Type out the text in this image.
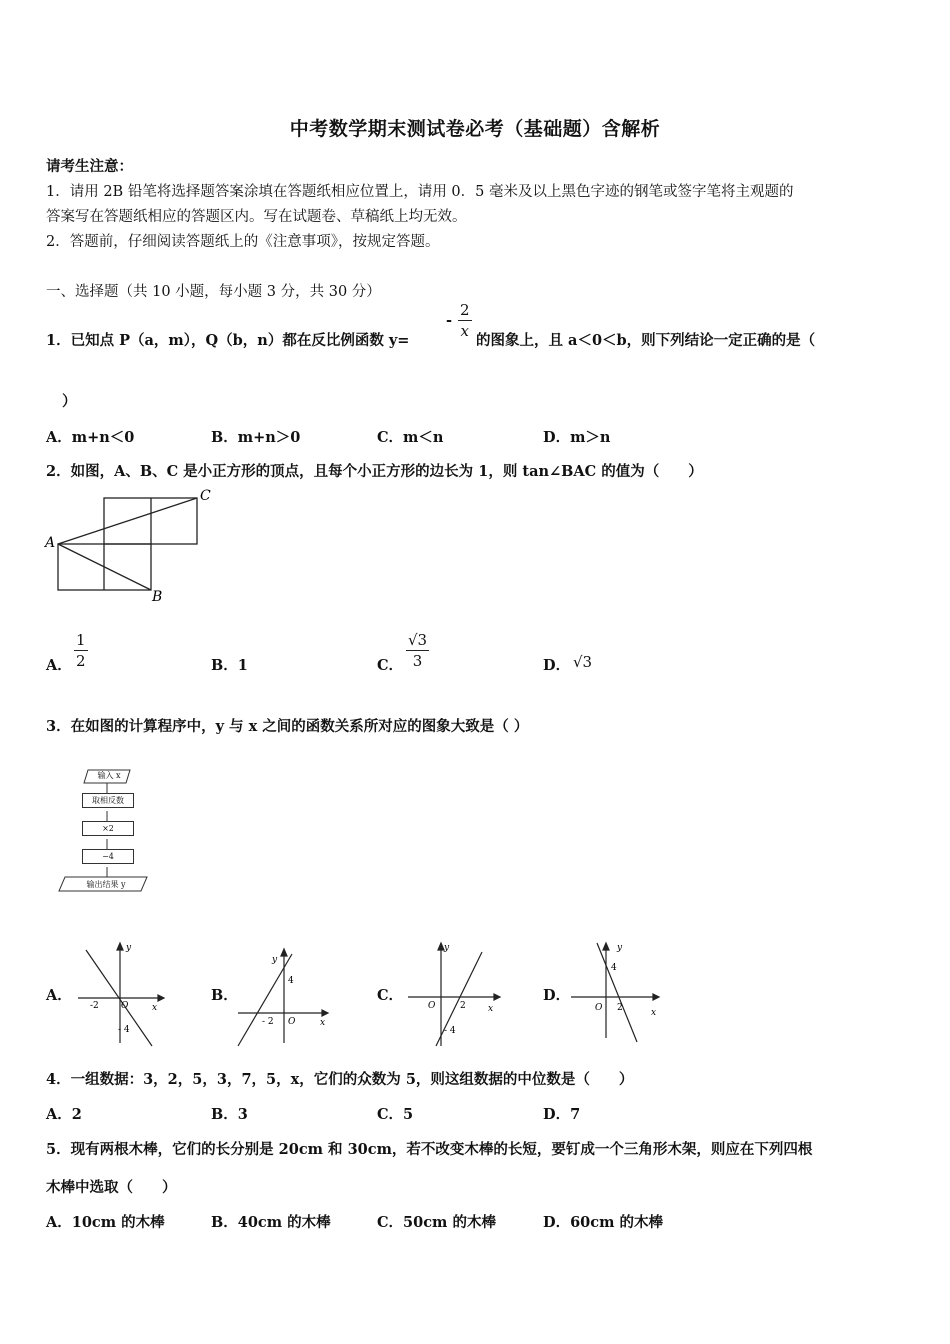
中考数学期末测试卷必考（基础题）含解析
请考生注意：
1．请用 2B 铅笔将选择题答案涂填在答题纸相应位置上，请用 0．5 毫米及以上黑色字迹的钢笔或签字笔将主观题的
答案写在答题纸相应的答题区内。写在试题卷、草稿纸上均无效。
2．答题前，仔细阅读答题纸上的《注意事项》，按规定答题。
一、选择题（共 10 小题，每小题 3 分，共 30 分）
1．已知点 P（a，m），Q（b，n）都在反比例函数 y=
- $\frac{2}{x}$ 的图象上，且 a＜0＜b，则下列结论一定正确的是（
）
A．m+n＜0	B．m+n＞0	C．m＜n	D．m＞n
2．如图，A、B、C 是小正方形的顶点，且每个小正方形的边长为 1，则 tan∠BAC 的值为（　　）
A
B
C
A． $\frac{1}{2}$	B．1	C． $\frac{√3}{3}$	D． √3
3．在如图的计算程序中，y 与 x 之间的函数关系所对应的图象大致是（ ）
输入 x
取相反数
×2
−4
输出结果 y
A．
y
x
O
-2
- 4
B．
y
x
O
- 2
4
C．
y
x
O	2
- 4
D．
y
x
O 2
4
4．一组数据：3，2，5，3，7，5，x，它们的众数为 5，则这组数据的中位数是（　　）
A．2	B．3	C．5	D．7
5．现有两根木棒，它们的长分别是 20cm 和 30cm，若不改变木棒的长短，要钉成一个三角形木架，则应在下列四根
木棒中选取（　　）
A．10cm 的木棒	B．40cm 的木棒	C．50cm 的木棒	D．60cm 的木棒
